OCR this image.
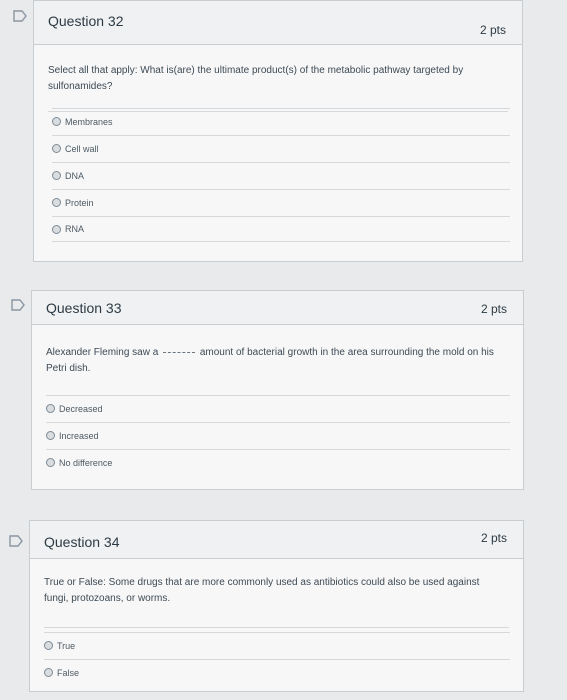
Question 32
2 pts
Select all that apply: What is(are) the ultimate product(s) of the metabolic pathway targeted by sulfonamides?
Membranes
Cell wall
DNA
Protein
RNA
Question 33	2 pts
Alexander Fleming saw a	amount of bacterial growth in the area surrounding the mold on his Petri dish.
Decreased
Increased
No difference
Question 34	2 pts
True or False: Some drugs that are more commonly used as antibiotics could also be used against fungi, protozoans, or worms.
True
False
